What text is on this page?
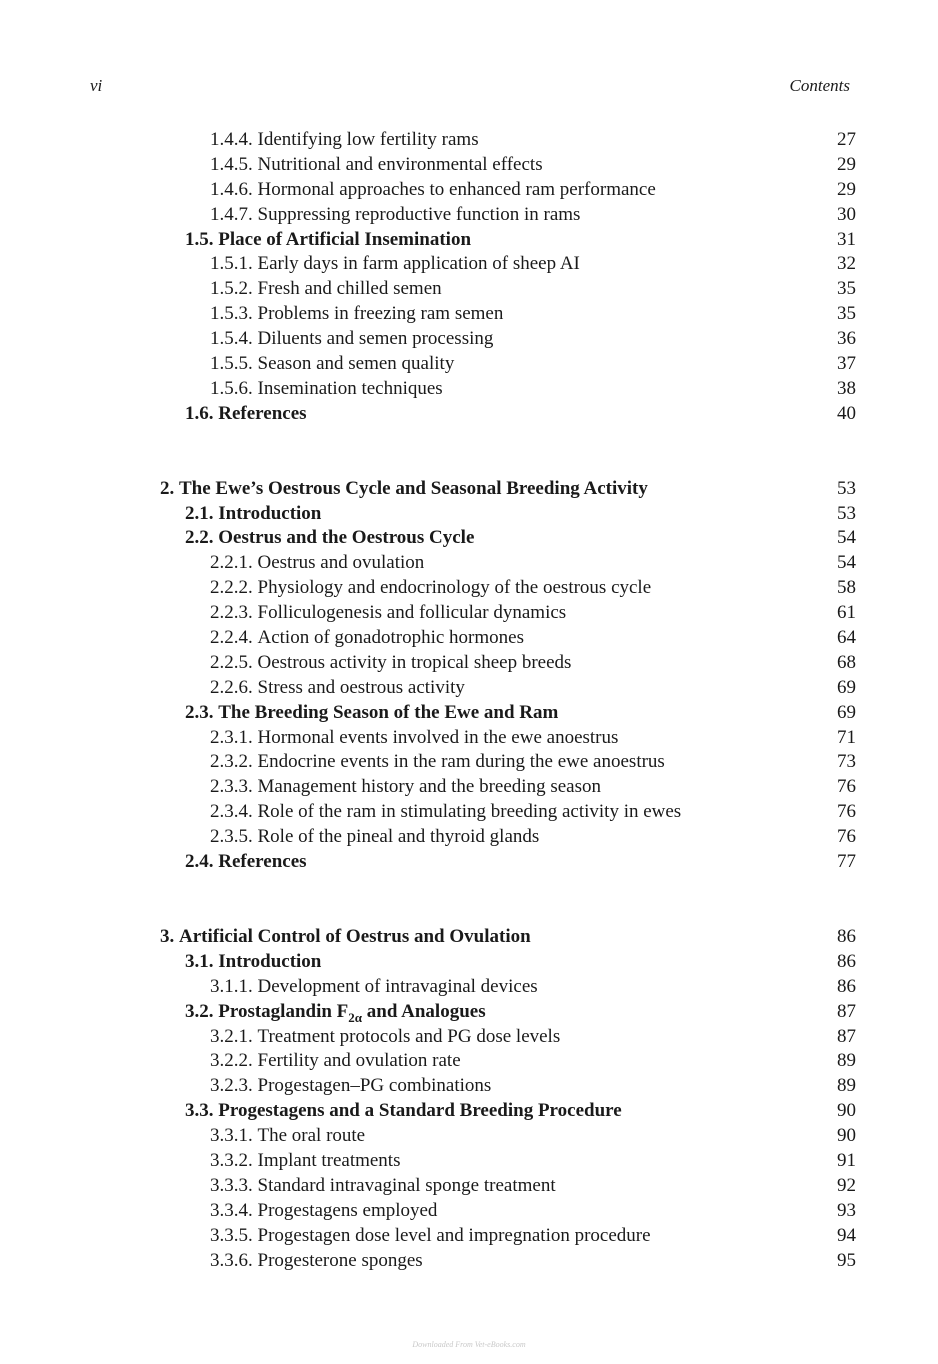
vi	Contents
1.4.4. Identifying low fertility rams	27
1.4.5. Nutritional and environmental effects	29
1.4.6. Hormonal approaches to enhanced ram performance	29
1.4.7. Suppressing reproductive function in rams	30
1.5. Place of Artificial Insemination	31
1.5.1. Early days in farm application of sheep AI	32
1.5.2. Fresh and chilled semen	35
1.5.3. Problems in freezing ram semen	35
1.5.4. Diluents and semen processing	36
1.5.5. Season and semen quality	37
1.5.6. Insemination techniques	38
1.6. References	40
2. The Ewe’s Oestrous Cycle and Seasonal Breeding Activity	53
2.1. Introduction	53
2.2. Oestrus and the Oestrous Cycle	54
2.2.1. Oestrus and ovulation	54
2.2.2. Physiology and endocrinology of the oestrous cycle	58
2.2.3. Folliculogenesis and follicular dynamics	61
2.2.4. Action of gonadotrophic hormones	64
2.2.5. Oestrous activity in tropical sheep breeds	68
2.2.6. Stress and oestrous activity	69
2.3. The Breeding Season of the Ewe and Ram	69
2.3.1. Hormonal events involved in the ewe anoestrus	71
2.3.2. Endocrine events in the ram during the ewe anoestrus	73
2.3.3. Management history and the breeding season	76
2.3.4. Role of the ram in stimulating breeding activity in ewes	76
2.3.5. Role of the pineal and thyroid glands	76
2.4. References	77
3. Artificial Control of Oestrus and Ovulation	86
3.1. Introduction	86
3.1.1. Development of intravaginal devices	86
3.2. Prostaglandin $F_{2\alpha}$ and Analogues	87
3.2.1. Treatment protocols and PG dose levels	87
3.2.2. Fertility and ovulation rate	89
3.2.3. Progestagen–PG combinations	89
3.3. Progestagens and a Standard Breeding Procedure	90
3.3.1. The oral route	90
3.3.2. Implant treatments	91
3.3.3. Standard intravaginal sponge treatment	92
3.3.4. Progestagens employed	93
3.3.5. Progestagen dose level and impregnation procedure	94
3.3.6. Progesterone sponges	95
Downloaded From Vet-eBooks.com
